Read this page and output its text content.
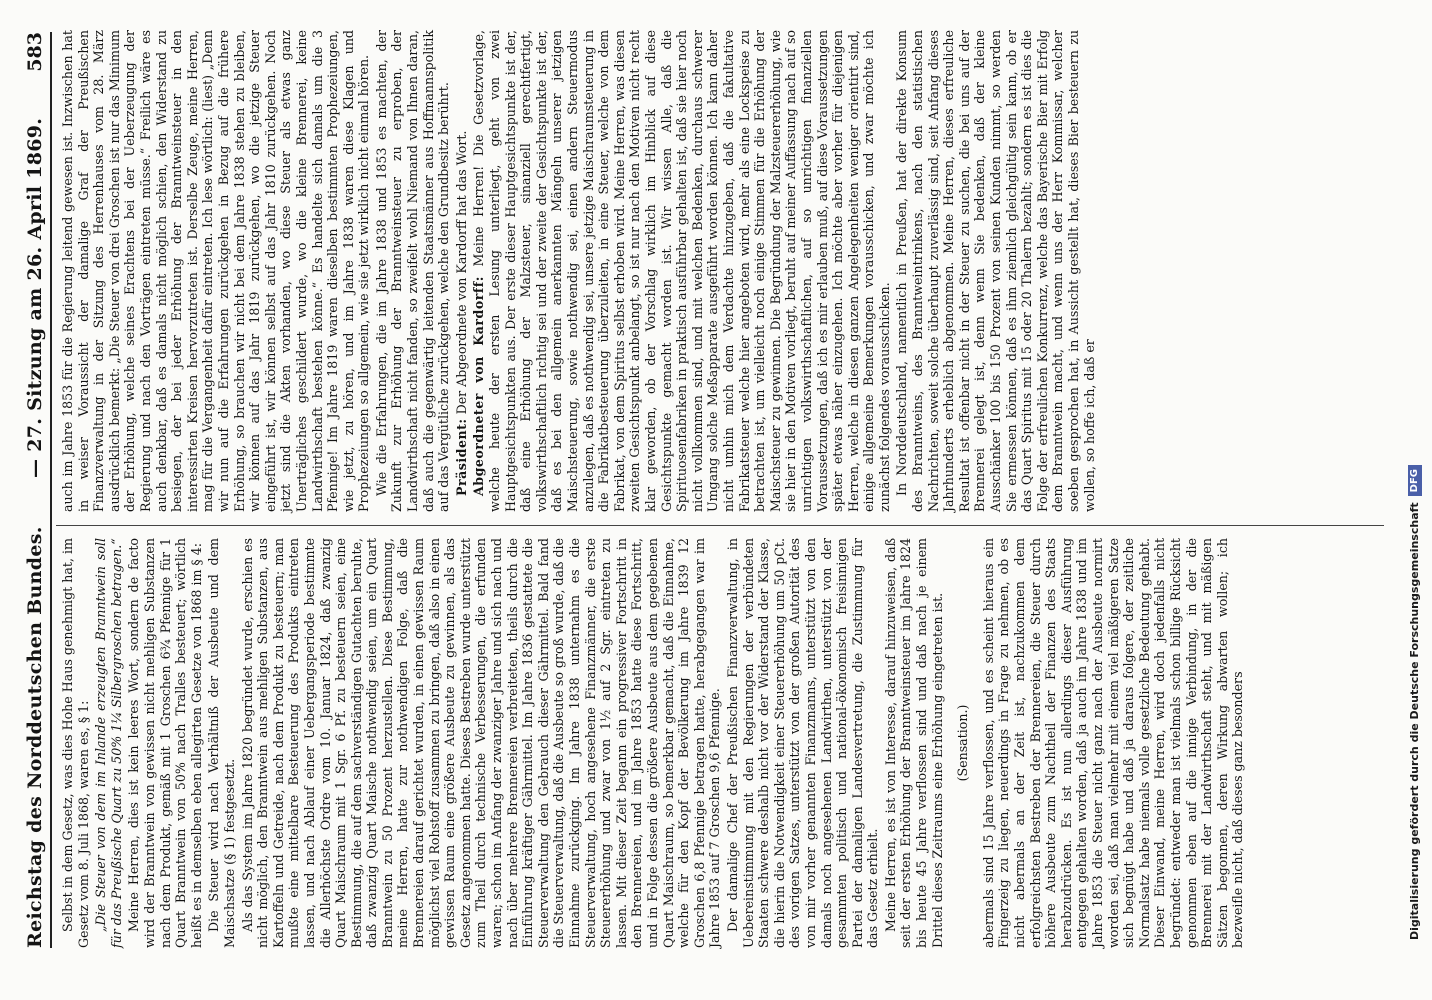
Reichstag des Norddeutschen Bundes.
— 27. Sitzung am 26. April 1869.
583

Selbst in dem Gesetz, was dies Hohe Haus genehmigt hat, im Gesetz vom 8. Juli 1868, waren es, § 1: „Die Steuer von dem im Inlande erzeugten Branntwein soll für das Preußische Quart zu 50% 1¼ Silbergroschen betragen.“ Meine Herren, dies ist kein leeres Wort, sondern de facto wird der Branntwein von gewissen nicht mehligen Substanzen nach dem Produkt, gemäß mit 1 Groschen 6¾ Pfennige für 1 Quart Branntwein von 50% nach Tralles besteuert; wörtlich heißt es in demselben eben allegirten Gesetze von 1868 im § 4: Die Steuer wird nach Verhältniß der Ausbeute und dem Maischsatze (§ 1) festgesetzt. Als das System im Jahre 1820 begründet wurde, erschien es nicht möglich, den Branntwein aus mehligen Substanzen, aus Kartoffeln und Getreide, nach dem Produkt zu besteuern; man mußte eine mittelbare Besteuerung des Produkts eintreten lassen, und nach Ablauf einer Uebergangsperiode bestimmte die Allerhöchste Ordre vom 10. Januar 1824, daß zwanzig Quart Maischraum mit 1 Sgr. 6 Pf. zu besteuern seien, eine Bestimmung, die auf dem sachverständigen Gutachten beruhte, daß zwanzig Quart Maische nothwendig seien, um ein Quart Branntwein zu 50 Prozent herzustellen. Diese Bestimmung, meine Herren, hatte zur nothwendigen Folge, daß die Brennereien darauf gerichtet wurden, in einen gewissen Raum möglichst viel Rohstoff zusammen zu bringen, daß also in einen gewissen Raum eine größere Ausbeute zu gewinnen, als das Gesetz angenommen hatte. Dieses Bestreben wurde unterstützt zum Theil durch technische Verbesserungen, die erfunden waren; schon im Anfang der zwanziger Jahre und sich nach und nach über mehrere Brennereien verbreiteten, theils durch die Einführung kräftiger Gährmittel. Im Jahre 1836 gestattete die Steuerverwaltung den Gebrauch dieser Gährmittel. Bald fand die Steuerverwaltung, daß die Ausbeute so groß wurde, daß die Einnahme zurückging. Im Jahre 1838 unternahm es die Steuerverwaltung, hoch angesehene Finanzmänner, die erste Steuererhöhung und zwar von 1½ auf 2 Sgr. eintreten zu lassen. Mit dieser Zeit begann ein progressiver Fortschritt in den Brennereien, und im Jahre 1853 hatte diese Fortschritt, und in Folge dessen die größere Ausbeute aus dem gegebenen Quart Maischraum, so bemerkbar gemacht, daß die Einnahme, welche für den Kopf der Bevölkerung im Jahre 1839 12 Groschen 6,8 Pfennige betragen hatte, herabgegangen war im Jahre 1853 auf 7 Groschen 9,6 Pfennige. Der damalige Chef der Preußischen Finanzverwaltung, in Uebereinstimmung mit den Regierungen der verbündeten Staaten schwere deshalb nicht vor der Widerstand der Klasse, die hierin die Notwendigkeit einer Steuererhöhung um 50 pCt. des vorigen Satzes, unterstützt von der großen Autorität des von mir vorher genannten Finanzmanns, unterstützt von den damals noch angesehenen Landwirthen, unterstützt von der gesammten politisch und national-ökonomisch freisinnigen Partei der damaligen Landesvertretung, die Zustimmung für das Gesetz erhielt. Meine Herren, es ist von Interesse, darauf hinzuweisen, daß seit der ersten Erhöhung der Branntweinsteuer im Jahre 1824 bis heute 45 Jahre verflossen sind und daß nach je einem Drittel dieses Zeitraums eine Erhöhung eingetreten ist. (Sensation.) abermals sind 15 Jahre verflossen, und es scheint hieraus ein Fingerzeig zu liegen, neuerdings in Frage zu nehmen, ob es nicht abermals an der Zeit ist, nachzukommen dem erfolgreichsten Bestreben der Brennereien, die Steuer durch höhere Ausbeute zum Nachtheil der Finanzen des Staats herabzudrücken. Es ist nun allerdings dieser Ausführung entgegen gehalten worden, daß ja auch im Jahre 1838 und im Jahre 1853 die Steuer nicht ganz nach der Ausbeute normirt worden sei, daß man vielmehr mit einem viel mäßigeren Satze sich begnügt habe und daß ja daraus folgere, der zeitliche Normalsatz habe niemals volle gesetzliche Bedeutung gehabt. Dieser Einwand, meine Herren, wird doch jedenfalls nicht begründet: entweder man ist vielmals schon billige Rücksicht genommen eben auf die innige Verbindung, in der die Brennerei mit der Landwirthschaft steht, und mit mäßigen Sätzen begonnen, deren Wirkung abwarten wollen; ich bezweifle nicht, daß dieses ganz besonders

auch im Jahre 1853 für die Regierung leitend gewesen ist. Inzwischen hat in weiser Voraussicht der damalige Graf der Preußischen Finanzverwaltung in der Sitzung des Herrenhauses vom 28. März ausdrücklich bemerkt: „Die Steuer von drei Groschen ist nur das Minimum der Erhöhung, welche seines Erachtens bei der Ueberzeugung der Regierung und nach den Vorträgen eintreten müsse.“ Freilich wäre es auch denkbar, daß es damals nicht möglich schien, den Widerstand zu besiegen, der bei jeder Erhöhung der Branntweinsteuer in den interessirten Kreisen hervorzutreten ist. Derselbe Zeuge, meine Herren, mag für die Vergangenheit dafür eintreten. Ich lese wörtlich: (liest) „Denn wir nun auf die Erfahrungen zurückgehen in Bezug auf die frühere Erhöhung, so brauchen wir nicht bei dem Jahre 1838 stehen zu bleiben, wir können auf das Jahr 1819 zurückgehen, wo die jetzige Steuer eingeführt ist, wir können selbst auf das Jahr 1810 zurückgehen. Noch jetzt sind die Akten vorhanden, wo diese Steuer als etwas ganz Unerträgliches geschildert wurde, wo die kleine Brennerei, keine Landwirthschaft bestehen könne.“ Es handelte sich damals um die 3 Pfennige! Im Jahre 1819 waren dieselben bestimmten Prophezeiungen, wie jetzt, zu hören, und im Jahre 1838 waren diese Klagen und Prophezeiungen so allgemein, wie sie jetzt wirklich nicht einmal hören. Wie die Erfahrungen, die im Jahre 1838 und 1853 es machten, der Zukunft zur Erhöhung der Branntweinsteuer zu erproben, der Landwirthschaft nicht fanden, so zweifelt wohl Niemand von Ihnen daran, daß auch die gegenwärtig leitenden Staatsmänner aus Hoffmannspolitik auf das Vergütliche zurückgehen, welche den Grundbesitz berührt. Präsident: Der Abgeordnete von Kardorff hat das Wort. Abgeordneter von Kardorff: Meine Herren! Die Gesetzvorlage, welche heute der ersten Lesung unterliegt, geht von zwei Hauptgesichtspunkten aus. Der erste dieser Hauptgesichtspunkte ist der, daß eine Erhöhung der Malzsteuer, sinanziell gerechtfertigt, volkswirthschaftlich richtig sei und der zweite der Gesichtspunkte ist der, daß es bei den allgemein anerkannten Mängeln unserer jetzigen Maischsteuerung, sowie nothwendig sei, einen andern Steuermodus anzulegen, daß es nothwendig sei, unsere jetzige Maischraumsteuerung in die Fabrikatbesteuerung überzuleiten, in eine Steuer, welche von dem Fabrikat, von dem Spiritus selbst erhoben wird. Meine Herren, was diesen zweiten Gesichtspunkt anbelangt, so ist nur nach den Motiven nicht recht klar geworden, ob der Vorschlag wirklich im Hinblick auf diese Gesichtspunkte gemacht worden ist. Wir wissen Alle, daß die Spirituosenfabriken in praktisch ausführbar gehalten ist, daß sie hier noch nicht vollkommen sind, und mit welchen Bedenken, durchaus schwerer Umgang solche Meßapparate ausgeführt worden können. Ich kann daher nicht umhin mich dem Verdachte hinzugeben, daß die fakultative Fabrikatsteuer welche hier angeboten wird, mehr als eine Lockspeise zu betrachten ist, um vielleicht noch einige Stimmen für die Erhöhung der Maischsteuer zu gewinnen. Die Begründung der Malzsteuererhöhung, wie sie hier in den Motiven vorliegt, beruht auf meiner Auffassung nach auf so unrichtigen volkswirthschaftlichen, auf so unrichtigen finanziellen Voraussetzungen, daß ich es mir erlauben muß, auf diese Voraussetzungen später etwas näher einzugehen. Ich möchte aber vorher für diejenigen Herren, welche in diesen ganzen Angelegenheiten weniger orientirt sind, einige allgemeine Bemerkungen vorausschicken, und zwar möchte ich zunächst folgendes vorausschicken. In Norddeutschland, namentlich in Preußen, hat der direkte Konsum des Branntweins, des Branntweintrinkens, nach den statistischen Nachrichten, soweit solche überhaupt zuverlässig sind, seit Anfang dieses Jahrhunderts erheblich abgenommen. Meine Herren, dieses erfreuliche Resultat ist offenbar nicht in der Steuer zu suchen, die bei uns auf der Brennerei gelegt ist, denn wenn Sie bedenken, daß der kleine Ausschänker 100 bis 150 Prozent von seinen Kunden nimmt, so werden Sie ermessen können, daß es ihm ziemlich gleichgültig sein kann, ob er das Quart Spiritus mit 15 oder 20 Thalern bezahlt; sondern es ist dies die Folge der erfreulichen Konkurrenz, welche das Bayerische Bier mit Erfolg dem Branntwein macht, und wenn uns der Herr Kommissar, welcher soeben gesprochen hat, in Aussicht gestellt hat, dieses Bier besteuern zu wollen, so hoffe ich, daß er

Digitalisierung gefördert durch die Deutsche ForschungsgemeinschaftDFG
